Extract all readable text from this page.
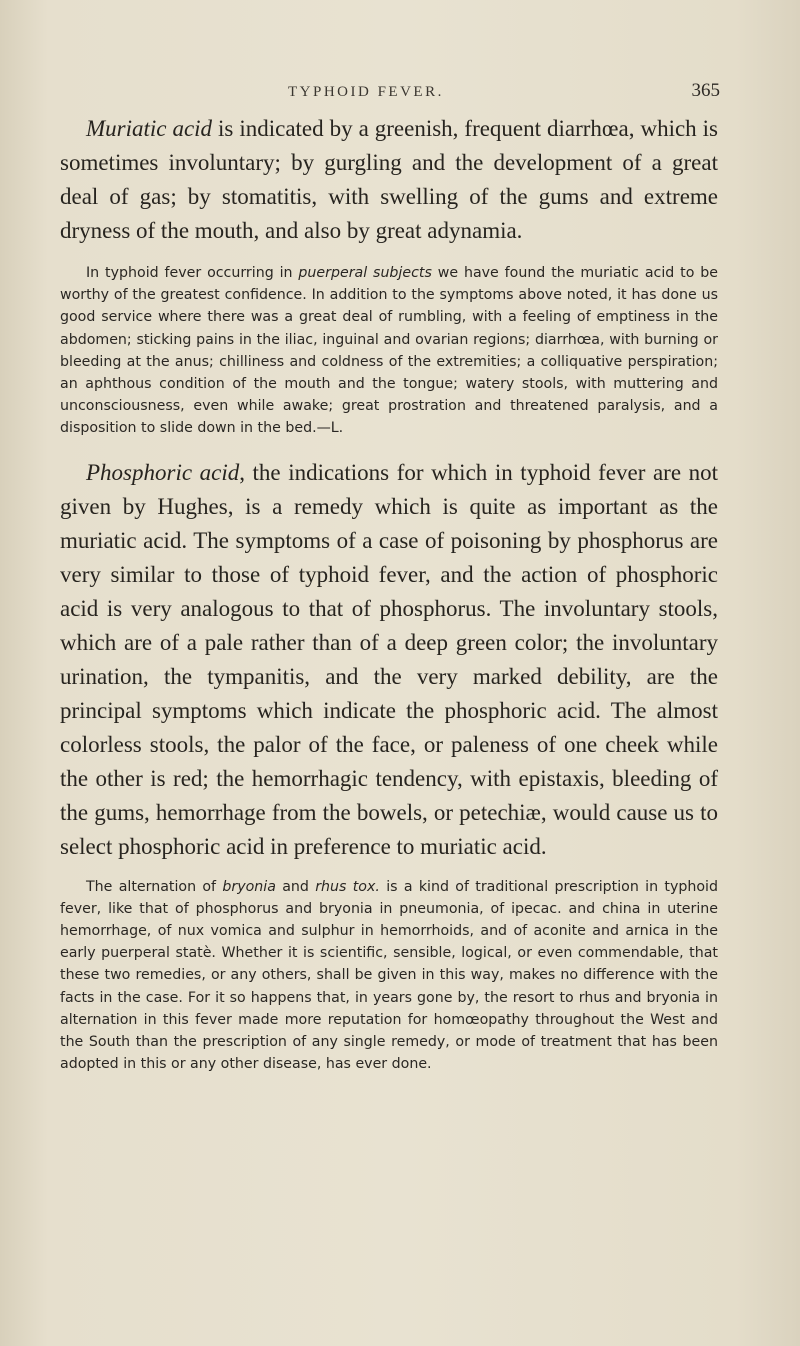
TYPHOID FEVER.	365

Muriatic acid is indicated by a greenish, frequent diarrhœa, which is sometimes involuntary; by gurgling and the development of a great deal of gas; by stomatitis, with swelling of the gums and extreme dryness of the mouth, and also by great adynamia.

In typhoid fever occurring in puerperal subjects we have found the muriatic acid to be worthy of the greatest confidence. In addition to the symptoms above noted, it has done us good service where there was a great deal of rumbling, with a feeling of emptiness in the abdomen; sticking pains in the iliac, inguinal and ovarian regions; diarrhœa, with burning or bleeding at the anus; chilliness and coldness of the extremities; a colliquative perspiration; an aphthous condition of the mouth and the tongue; watery stools, with muttering and unconsciousness, even while awake; great prostration and threatened paralysis, and a disposition to slide down in the bed.—L.

Phosphoric acid, the indications for which in typhoid fever are not given by Hughes, is a remedy which is quite as important as the muriatic acid. The symptoms of a case of poisoning by phosphorus are very similar to those of typhoid fever, and the action of phosphoric acid is very analogous to that of phosphorus. The involuntary stools, which are of a pale rather than of a deep green color; the involuntary urination, the tympanitis, and the very marked debility, are the principal symptoms which indicate the phosphoric acid. The almost colorless stools, the palor of the face, or paleness of one cheek while the other is red; the hemorrhagic tendency, with epistaxis, bleeding of the gums, hemorrhage from the bowels, or petechiæ, would cause us to select phosphoric acid in preference to muriatic acid.

The alternation of bryonia and rhus tox. is a kind of traditional prescription in typhoid fever, like that of phosphorus and bryonia in pneumonia, of ipecac. and china in uterine hemorrhage, of nux vomica and sulphur in hemorrhoids, and of aconite and arnica in the early puerperal statè. Whether it is scientific, sensible, logical, or even commendable, that these two remedies, or any others, shall be given in this way, makes no difference with the facts in the case. For it so happens that, in years gone by, the resort to rhus and bryonia in alternation in this fever made more reputation for homœopathy throughout the West and the South than the prescription of any single remedy, or mode of treatment that has been adopted in this or any other disease, has ever done.
